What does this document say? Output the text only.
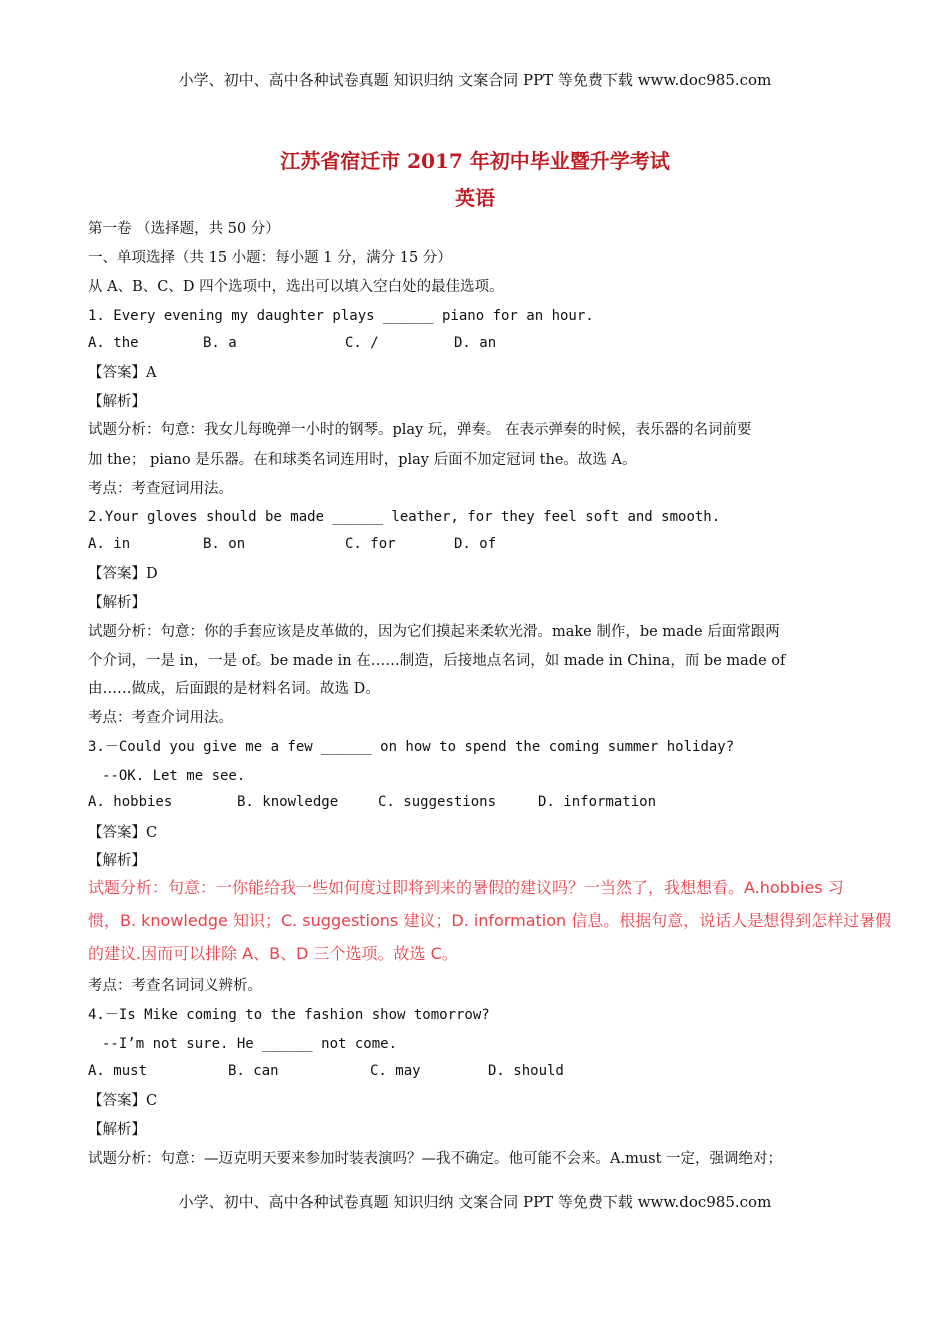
小学、初中、高中各种试卷真题 知识归纳 文案合同 PPT 等免费下载 www.doc985.com
江苏省宿迁市 2017 年初中毕业暨升学考试
英语
第一卷 （选择题，共 50 分）
一、单项选择（共 15 小题：每小题 1 分，满分 15 分）
从 A、B、C、D 四个选项中，选出可以填入空白处的最佳选项。
1. Every evening my daughter plays ______ piano for an hour.
A. the	B. a	C. /	D. an
【答案】A
【解析】
试题分析：句意：我女儿每晚弹一小时的钢琴。play 玩，弹奏。 在表示弹奏的时候，表乐器的名词前要
加 the； piano 是乐器。在和球类名词连用时，play 后面不加定冠词 the。故选 A。
考点：考查冠词用法。
2.Your gloves should be made ______ leather, for they feel soft and smooth.
A. in	B. on	C. for	D. of
【答案】D
【解析】
试题分析：句意：你的手套应该是皮革做的，因为它们摸起来柔软光滑。make 制作，be made 后面常跟两
个介词，一是 in，一是 of。be made in 在……制造，后接地点名词，如 made in China，而 be made of
由……做成，后面跟的是材料名词。故选 D。
考点：考查介词用法。
3.－Could you give me a few ______ on how to spend the coming summer holiday?
--OK. Let me see.
A. hobbies	B. knowledge	C. suggestions	D. information
【答案】C
【解析】
试题分析：句意：一你能给我一些如何度过即将到来的暑假的建议吗？一当然了，我想想看。A.hobbies 习
惯，B. knowledge 知识；C. suggestions 建议；D. information 信息。根据句意，说话人是想得到怎样过暑假
的建议.因而可以排除 A、B、D 三个选项。故选 C。
考点：考查名词词义辨析。
4.－Is Mike coming to the fashion show tomorrow?
--I’m not sure. He ______ not come.
A. must	B. can	C. may	D. should
【答案】C
【解析】
试题分析：句意：—迈克明天要来参加时装表演吗？—我不确定。他可能不会来。A.must 一定，强调绝对；
小学、初中、高中各种试卷真题 知识归纳 文案合同 PPT 等免费下载 www.doc985.com
